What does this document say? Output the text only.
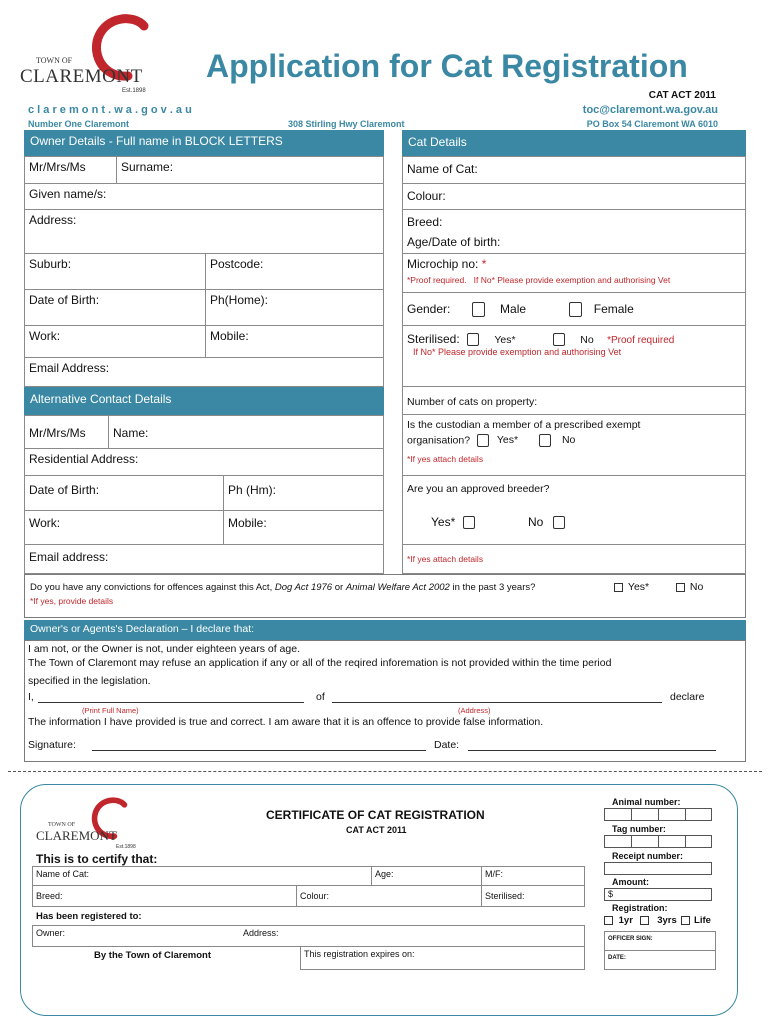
TOWN OF
CLAREMONT
Est.1898
Application for Cat Registration
CAT ACT 2011
c l a r e m o n t . w a . g o v . a u	toc@claremont.wa.gov.au
Number One Claremont	308 Stirling Hwy Claremont	PO Box 54 Claremont WA 6010
Owner Details - Full name in BLOCK LETTERS
Mr/Mrs/Ms	Surname:
Given name/s:
Address:
Suburb:	Postcode:
Date of Birth:	Ph(Home):
Work:	Mobile:
Email Address:
Alternative Contact Details
Mr/Mrs/Ms	Name:
Residential Address:
Date of Birth:	Ph (Hm):
Work:	Mobile:
Email address:
Cat Details
Name of Cat:
Colour:
Breed:
Age/Date of birth:
Microchip no: *
*Proof required. If No* Please provide exemption and authorising Vet
Gender:	Male	Female
Sterilised:	Yes*	No *Proof required
If No* Please provide exemption and authorising Vet
Number of cats on property:
Is the custodian a member of a prescribed exempt
organisation?	Yes*	No
*If yes attach details
Are you an approved breeder?
Yes*	No
*If yes attach details
Do you have any convictions for offences against this Act, Dog Act 1976 or Animal Welfare Act 2002 in the past 3 years?	Yes*	No
*If yes, provide details
Owner's or Agents's Declaration – I declare that:
I am not, or the Owner is not, under eighteen years of age.
The Town of Claremont may refuse an application if any or all of the reqired inforemation is not provided within the time period
specified in the legislation.
I,	of	declare
(Print Full Name)	(Address)
The information I have provided is true and correct. I am aware that it is an offence to provide false information.
Signature:	Date:
TOWN OF
CLAREMONT
Est.1898
CERTIFICATE OF CAT REGISTRATION
CAT ACT 2011
This is to certify that:
Name of Cat:	Age:	M/F:
Breed:	Colour:	Sterilised:
Has been registered to:
Owner:	Address:
By the Town of Claremont	This registration expires on:
Animal number:
Tag number:
Receipt number:
Amount:
$
Registration:
1yr	3yrs Life
OFFICER SIGN:
DATE:
